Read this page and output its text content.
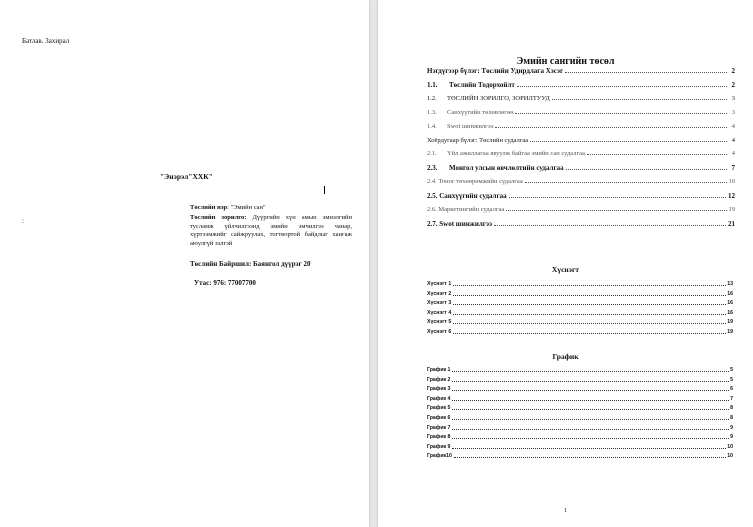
Батлав. Захирал
"Энэрэл"ХХК"
:
Төслийн нэр: "Эмийн сан"
Төслийн зорилго: Дүүргийн хүн амын эмнэлгийн тусламж үйлчилгээнд эмийн эмчилгээ чанар, хүртээмжийг сайжруулах, тогтвортой байдлыг хангаж аюулгүй зэлгэй
Төслийн Байршил: Баянгол дүүрэг 20
Утас: 976: 77007700
Эмийн сангийн төсөл
Нэгдүгээр бүлэг: Төслийн Удирдлага Хэсэг	2
1.1.	Төслийн Тодорхойлт	2
1.2.	ТӨСЛИЙН ЗОРИЛГО, ЗОРИЛТУУД	3
1.3.	Санхүүгийн төлөвлөгөө	3
1.4.	Swot шинжилгээ	4
Хоёрдугаар бүлэг: Төслийн судалгаа	4
2.1.	Үйл ажиллагаа явуулж байгаа эмийн сан судалгаа	4
2.3.	Монгол улсын өвчлөлтийн судалгаа	7
2.4. Тоног төхөөрөмжийн судалгаа	10
2.5. Санхүүгийн судалгаа	12
2.6. Маркетингийн судалгаа	19
2.7. Swot шинжилгээ	21
Хүснэгт
Хүснэгт 1	13
Хүснэгт 2	16
Хүснэгт 3	16
Хүснэгт 4	16
Хүснэгт 5	19
Хүснэгт 6	19
График
График 1	5
График 2	5
График 3	6
График 4	7
График 5	8
График 6	8
График 7	9
График 8	9
График 9	10
График10	10
1
